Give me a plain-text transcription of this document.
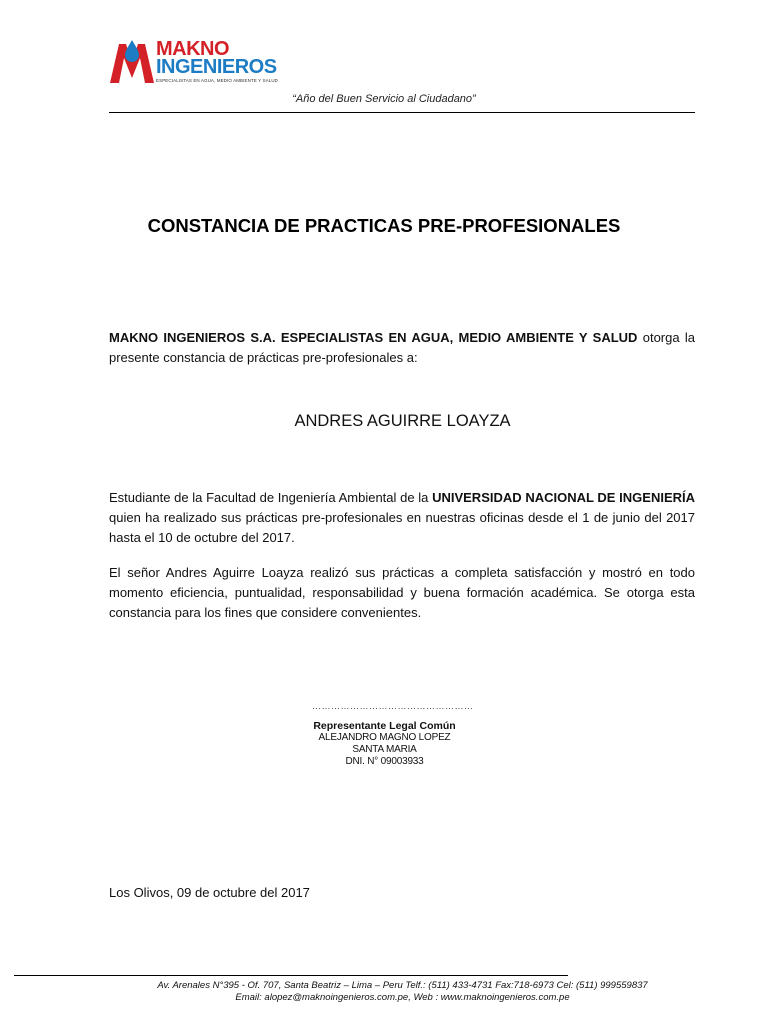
MAKNO
INGENIEROS
ESPECIALISTAS EN AGUA, MEDIO AMBIENTE Y SALUD
“Año del Buen Servicio al Ciudadano”
CONSTANCIA DE PRACTICAS PRE-PROFESIONALES
MAKNO INGENIEROS S.A. ESPECIALISTAS EN AGUA, MEDIO AMBIENTE Y SALUD otorga la presente constancia de prácticas pre-profesionales a:
ANDRES AGUIRRE LOAYZA
Estudiante de la Facultad de Ingeniería Ambiental de la UNIVERSIDAD NACIONAL DE INGENIERÍA quien ha realizado sus prácticas pre-profesionales en nuestras oficinas desde el 1 de junio del 2017 hasta el 10 de octubre del 2017.
El señor Andres Aguirre Loayza realizó sus prácticas a completa satisfacción y mostró en todo momento eficiencia, puntualidad, responsabilidad y buena formación académica. Se otorga esta constancia para los fines que considere convenientes.
……………………………………………
Representante Legal Común
ALEJANDRO MAGNO LOPEZ
SANTA MARIA
DNI. N° 09003933
Los Olivos, 09 de octubre del 2017
Av. Arenales N°395 - Of. 707, Santa Beatriz – Lima – Peru Telf.: (511) 433-4731 Fax:718-6973 Cel: (511) 999559837
Email: alopez@maknoingenieros.com.pe, Web : www.maknoingenieros.com.pe
